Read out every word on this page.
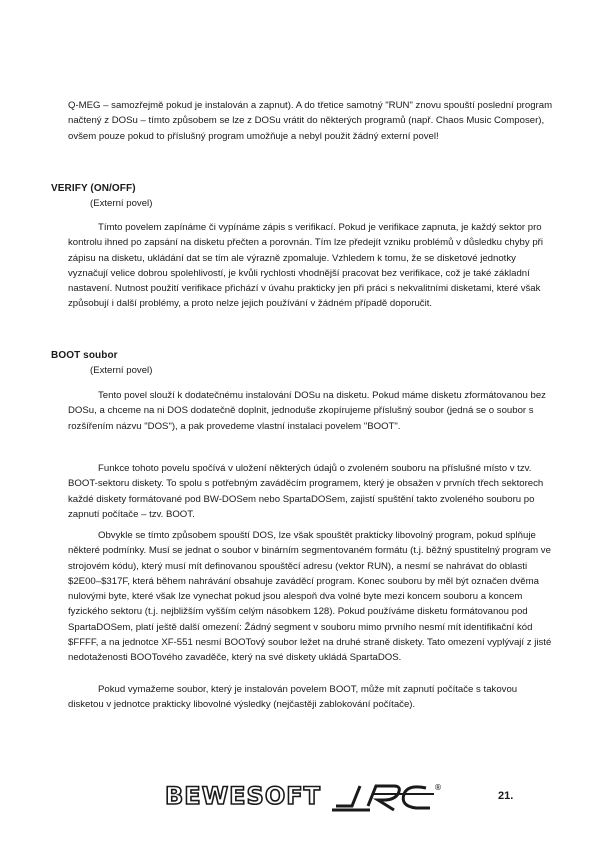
Q-MEG – samozřejmě pokud je instalován a zapnut). A do třetice samotný "RUN" znovu spouští poslední program načtený z DOSu – tímto způsobem se lze z DOSu vrátit do některých programů (např. Chaos Music Composer), ovšem pouze pokud to příslušný program umožňuje a nebyl použit žádný externí povel!

VERIFY (ON/OFF)

(Externí povel)

Tímto povelem zapínáme či vypínáme zápis s verifikací. Pokud je verifikace zapnuta, je každý sektor pro kontrolu ihned po zapsání na disketu přečten a porovnán. Tím lze předejít vzniku problémů v důsledku chyby při zápisu na disketu, ukládání dat se tím ale výrazně zpomaluje. Vzhledem k tomu, že se disketové jednotky vyznačují velice dobrou spolehlivostí, je kvůli rychlosti vhodnější pracovat bez verifikace, což je také základní nastavení. Nutnost použití verifikace přichází v úvahu prakticky jen při práci s nekvalitními disketami, které však způsobují i další problémy, a proto nelze jejich používání v žádném případě doporučit.

BOOT soubor

(Externí povel)

Tento povel slouží k dodatečnému instalování DOSu na disketu. Pokud máme disketu zformátovanou bez DOSu, a chceme na ni DOS dodatečně doplnit, jednoduše zkopírujeme příslušný soubor (jedná se o soubor s rozšířením názvu "DOS"), a pak provedeme vlastní instalaci povelem "BOOT".

Funkce tohoto povelu spočívá v uložení některých údajů o zvoleném souboru na příslušné místo v tzv. BOOT-sektoru diskety. To spolu s potřebným zaváděcím programem, který je obsažen v prvních třech sektorech každé diskety formátované pod BW-DOSem nebo SpartaDOSem, zajistí spuštění takto zvoleného souboru po zapnutí počítače – tzv. BOOT.

Obvykle se tímto způsobem spouští DOS, lze však spouštět prakticky libovolný program, pokud splňuje některé podmínky. Musí se jednat o soubor v binárním segmentovaném formátu (t.j. běžný spustitelný program ve strojovém kódu), který musí mít definovanou spouštěcí adresu (vektor RUN), a nesmí se nahrávat do oblasti $2E00–$317F, která během nahrávání obsahuje zaváděcí program. Konec souboru by měl být označen dvěma nulovými byte, které však lze vynechat pokud jsou alespoň dva volné byte mezi koncem souboru a koncem fyzického sektoru (t.j. nejbližším vyšším celým násobkem 128). Pokud používáme disketu formátovanou pod SpartaDOSem, platí ještě další omezení: Žádný segment v souboru mimo prvního nesmí mít identifikační kód $FFFF, a na jednotce XF-551 nesmí BOOTový soubor ležet na druhé straně diskety. Tato omezení vyplývají z jisté nedotaženosti BOOTového zavaděče, který na své diskety ukládá SpartaDOS.

Pokud vymažeme soubor, který je instalován povelem BOOT, může mít zapnutí počítače s takovou disketou v jednotce prakticky libovolné výsledky (nejčastěji zablokování počítače).

BEWESOFT	®
21.
